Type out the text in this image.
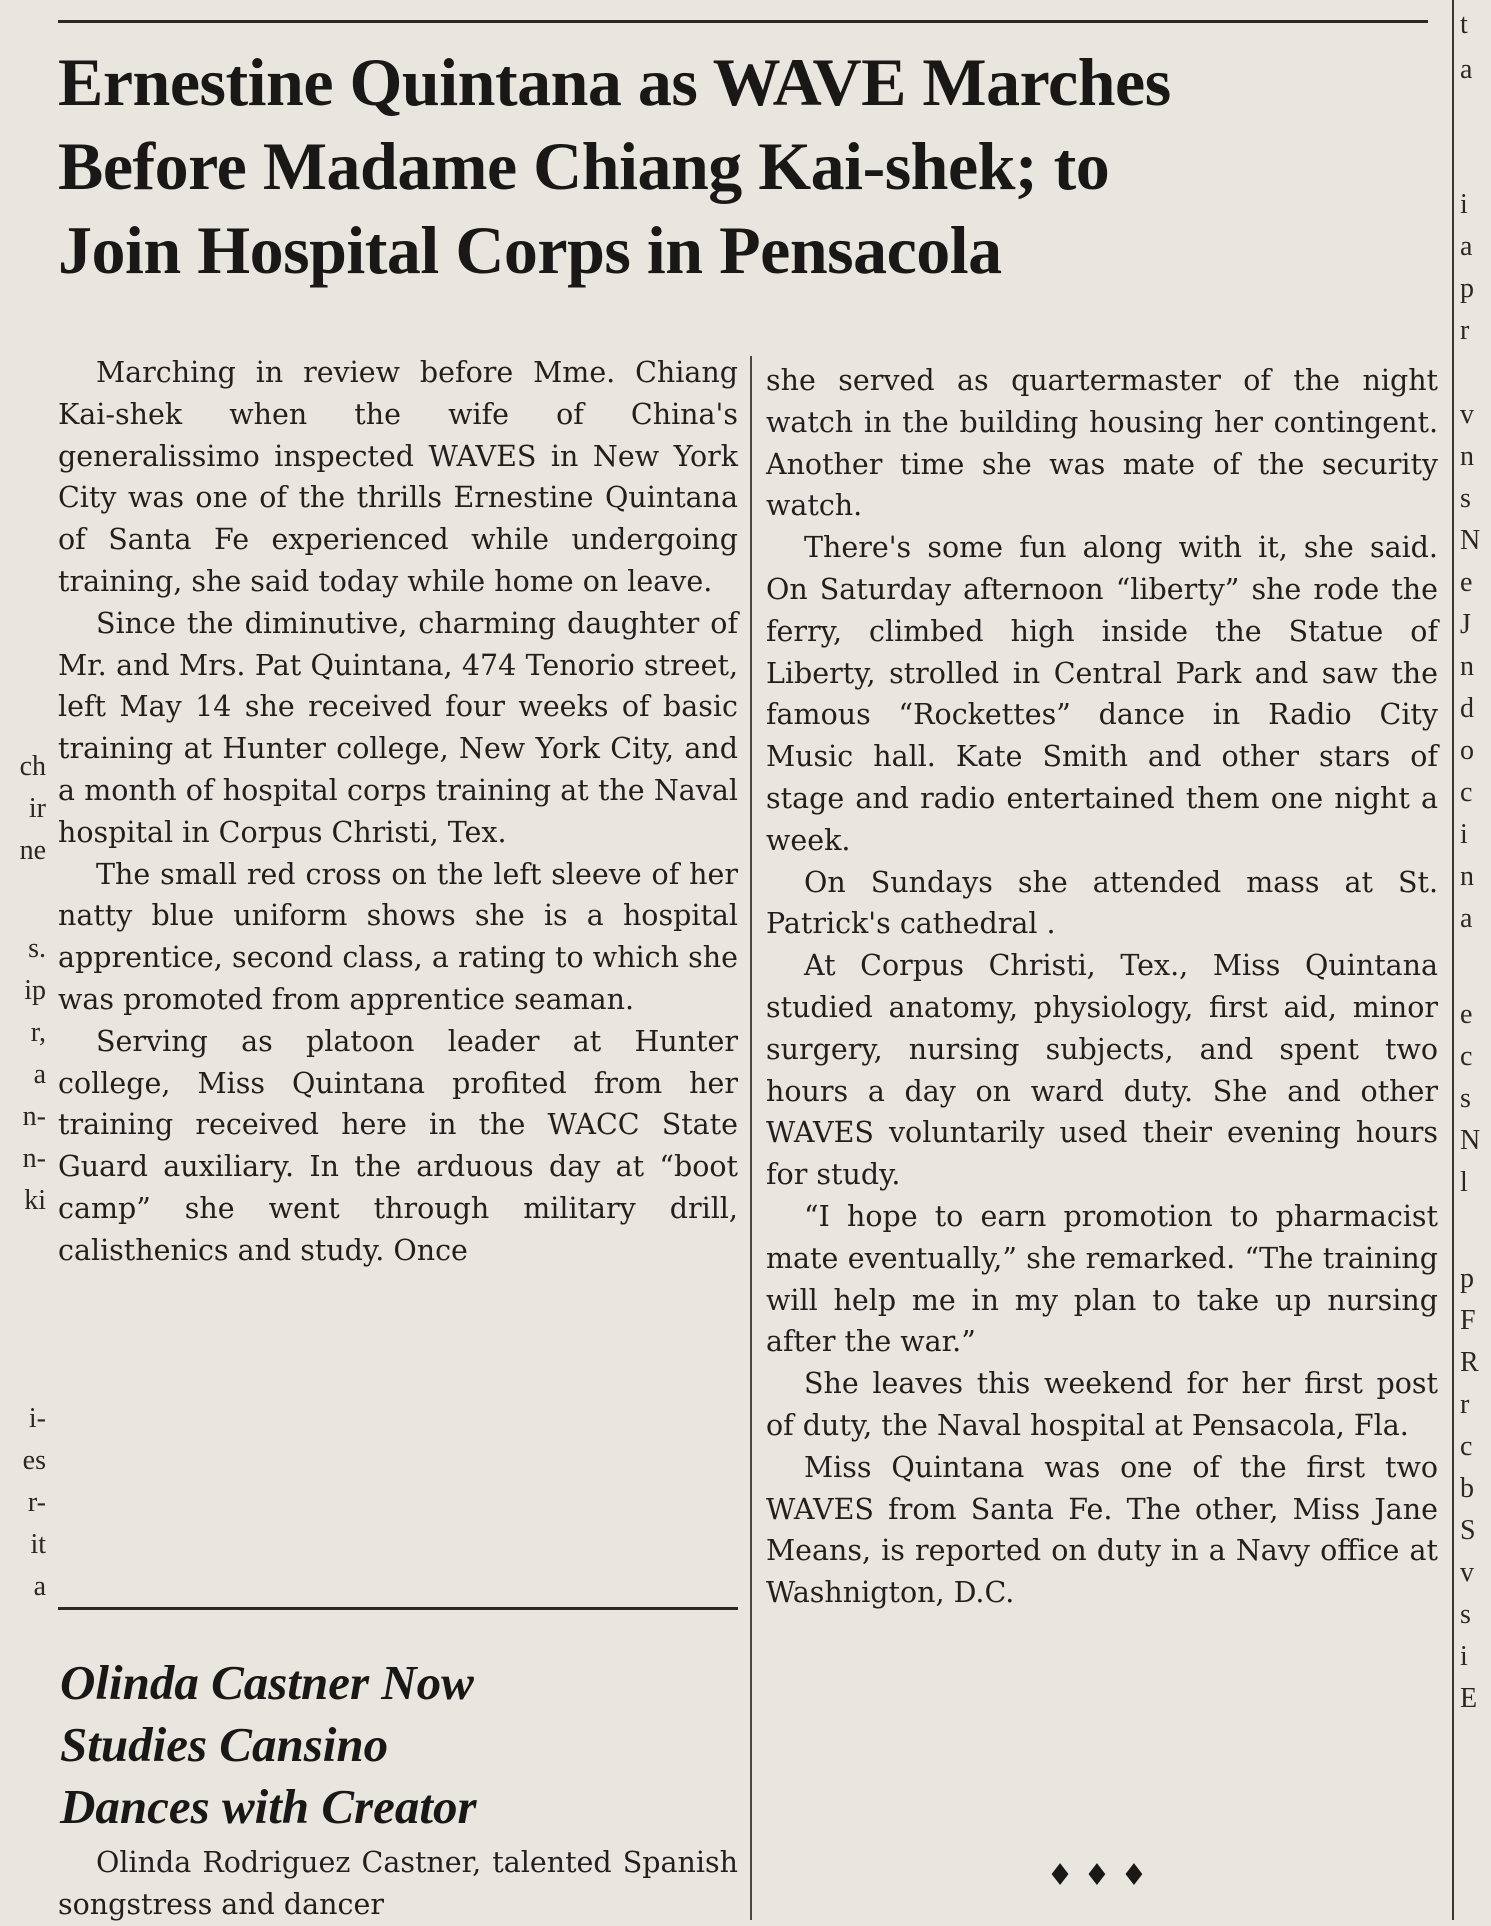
ch
ir
ne
s.
ip
r,
a
n-
n-
ki
i-
es
r-
it
a
t
a
i
a
p
r
v
n
s
N
e
J
n
d
o
c
i
n
a
e
c
s
N
l
p
F
R
r
c
b
S
v
s
i
E
Ernestine Quintana as WAVE Marches
Before Madame Chiang Kai-shek; to
Join Hospital Corps in Pensacola

Marching in review before Mme. Chiang Kai-shek when the wife of China's generalissimo inspected WAVES in New York City was one of the thrills Ernestine Quintana of Santa Fe experienced while undergoing training, she said today while home on leave.

Since the diminutive, charming daughter of Mr. and Mrs. Pat Quintana, 474 Tenorio street, left May 14 she received four weeks of basic training at Hunter college, New York City, and a month of hospital corps training at the Naval hospital in Corpus Christi, Tex.

The small red cross on the left sleeve of her natty blue uniform shows she is a hospital apprentice, second class, a rating to which she was promoted from apprentice seaman.

Serving as platoon leader at Hunter college, Miss Quintana profited from her training received here in the WACC State Guard auxiliary. In the arduous day at “boot camp” she went through military drill, calisthenics and study. Once

she served as quartermaster of the night watch in the building housing her contingent. Another time she was mate of the security watch.

There's some fun along with it, she said. On Saturday afternoon “liberty” she rode the ferry, climbed high inside the Statue of Liberty, strolled in Central Park and saw the famous “Rockettes” dance in Radio City Music hall. Kate Smith and other stars of stage and radio entertained them one night a week.

On Sundays she attended mass at St. Patrick's cathedral .

At Corpus Christi, Tex., Miss Quintana studied anatomy, physiology, first aid, minor surgery, nursing subjects, and spent two hours a day on ward duty. She and other WAVES voluntarily used their evening hours for study.

“I hope to earn promotion to pharmacist mate eventually,” she remarked. “The training will help me in my plan to take up nursing after the war.”

She leaves this weekend for her first post of duty, the Naval hospital at Pensacola, Fla.

Miss Quintana was one of the first two WAVES from Santa Fe. The other, Miss Jane Means, is reported on duty in a Navy office at Washnigton, D.C.

♦♦♦
Olinda Castner Now
Studies Cansino
Dances with Creator

Olinda Rodriguez Castner, talented Spanish songstress and dancer
